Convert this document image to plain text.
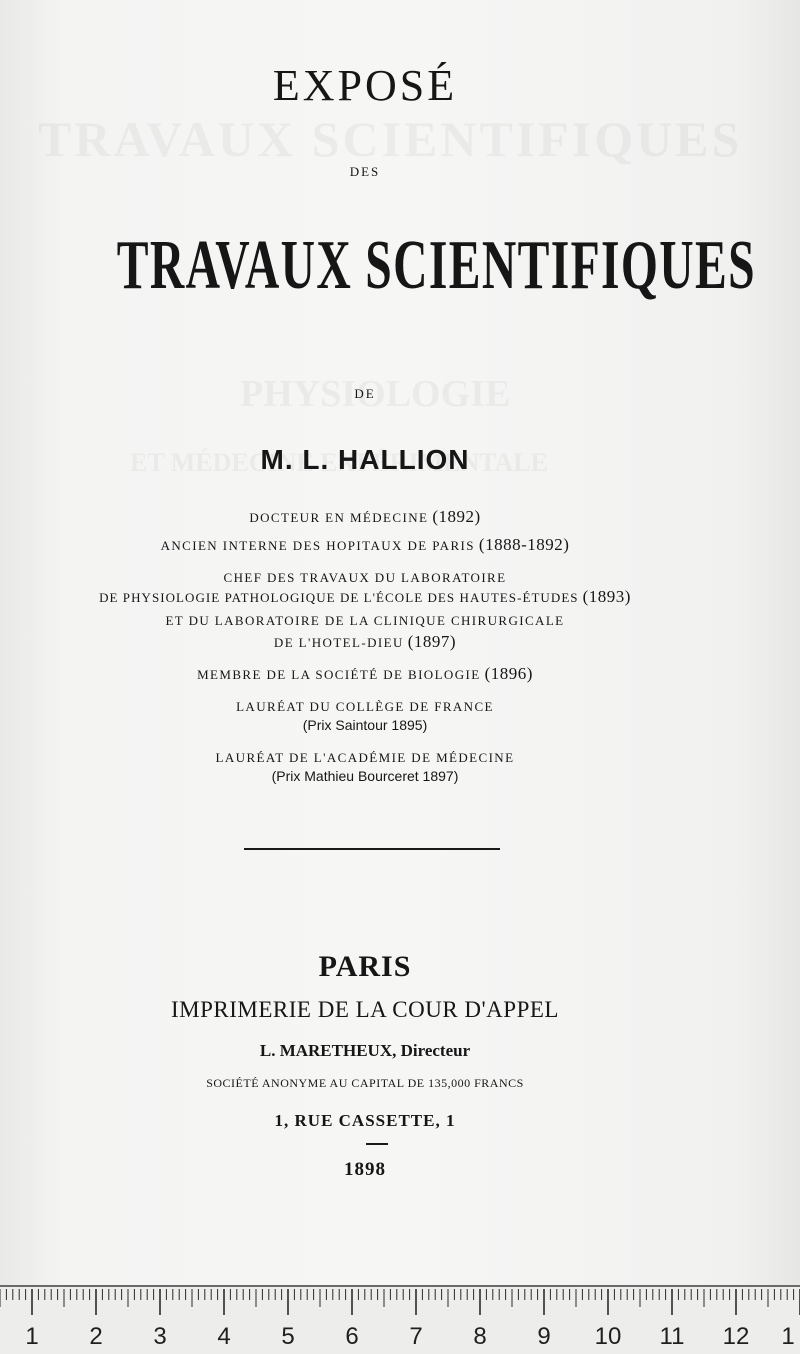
EXPOSÉ
DES
TRAVAUX SCIENTIFIQUES
DE
M. L. HALLION
DOCTEUR EN MÉDECINE (1892)
ANCIEN INTERNE DES HOPITAUX DE PARIS (1888-1892)
CHEF DES TRAVAUX DU LABORATOIRE
DE PHYSIOLOGIE PATHOLOGIQUE DE L'ÉCOLE DES HAUTES-ÉTUDES (1893)
ET DU LABORATOIRE DE LA CLINIQUE CHIRURGICALE
DE L'HOTEL-DIEU (1897)
MEMBRE DE LA SOCIÉTÉ DE BIOLOGIE (1896)
LAURÉAT DU COLLÈGE DE FRANCE
(Prix Saintour 1895)
LAURÉAT DE L'ACADÉMIE DE MÉDECINE
(Prix Mathieu Bourceret 1897)
PARIS
IMPRIMERIE DE LA COUR D'APPEL
L. MARETHEUX, Directeur
SOCIÉTÉ ANONYME AU CAPITAL DE 135,000 FRANCS
1, RUE CASSETTE, 1
1898
1	2	3	4	5	6	7	8	9	10	11	12	1
